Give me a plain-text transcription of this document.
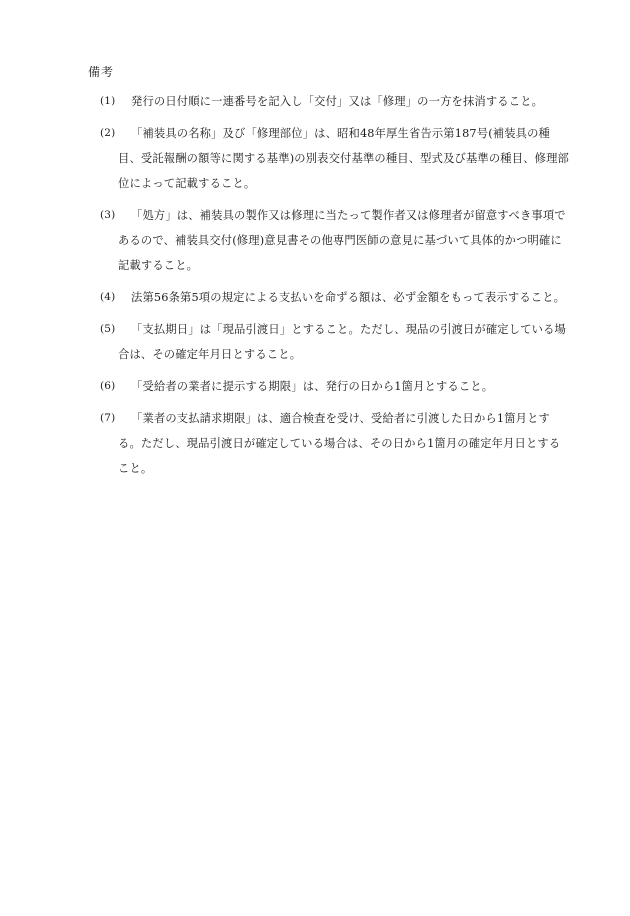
備考
(1)	発行の日付順に一連番号を記入し「交付」又は「修理」の一方を抹消すること。
(2)	「補装具の名称」及び「修理部位」は、昭和48年厚生省告示第187号(補装具の種目、受託報酬の額等に関する基準)の別表交付基準の種目、型式及び基準の種目、修理部位によって記載すること。
(3)	「処方」は、補装具の製作又は修理に当たって製作者又は修理者が留意すべき事項であるので、補装具交付(修理)意見書その他専門医師の意見に基づいて具体的かつ明確に記載すること。
(4)	法第56条第5項の規定による支払いを命ずる額は、必ず金額をもって表示すること。
(5)	「支払期日」は「現品引渡日」とすること。ただし、現品の引渡日が確定している場合は、その確定年月日とすること。
(6)	「受給者の業者に提示する期限」は、発行の日から1箇月とすること。
(7)	「業者の支払請求期限」は、適合検査を受け、受給者に引渡した日から1箇月とする。ただし、現品引渡日が確定している場合は、その日から1箇月の確定年月日とすること。
